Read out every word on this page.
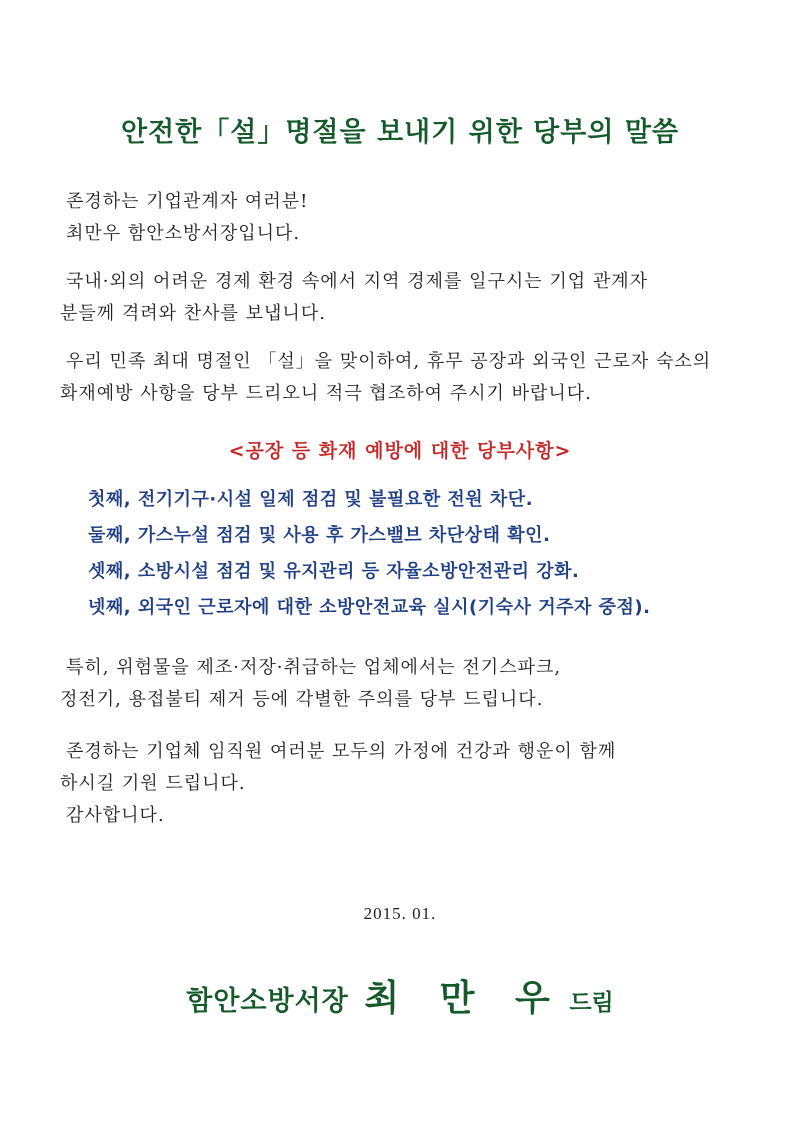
안전한「설」명절을 보내기 위한 당부의 말씀
존경하는 기업관계자 여러분!
최만우 함안소방서장입니다.
국내·외의 어려운 경제 환경 속에서 지역 경제를 일구시는 기업 관계자
분들께 격려와 찬사를 보냅니다.
우리 민족 최대 명절인 「설」을 맞이하여, 휴무 공장과 외국인 근로자 숙소의
화재예방 사항을 당부 드리오니 적극 협조하여 주시기 바랍니다.
<공장 등 화재 예방에 대한 당부사항>
첫째, 전기기구·시설 일제 점검 및 불필요한 전원 차단.
둘째, 가스누설 점검 및 사용 후 가스밸브 차단상태 확인.
셋째, 소방시설 점검 및 유지관리 등 자율소방안전관리 강화.
넷째, 외국인 근로자에 대한 소방안전교육 실시(기숙사 거주자 중점).
특히, 위험물을 제조·저장·취급하는 업체에서는 전기스파크,
정전기, 용접불티 제거 등에 각별한 주의를 당부 드립니다.
존경하는 기업체 임직원 여러분 모두의 가정에 건강과 행운이 함께
하시길 기원 드립니다.
감사합니다.
2015. 01.
함안소방서장 최 만 우 드림
